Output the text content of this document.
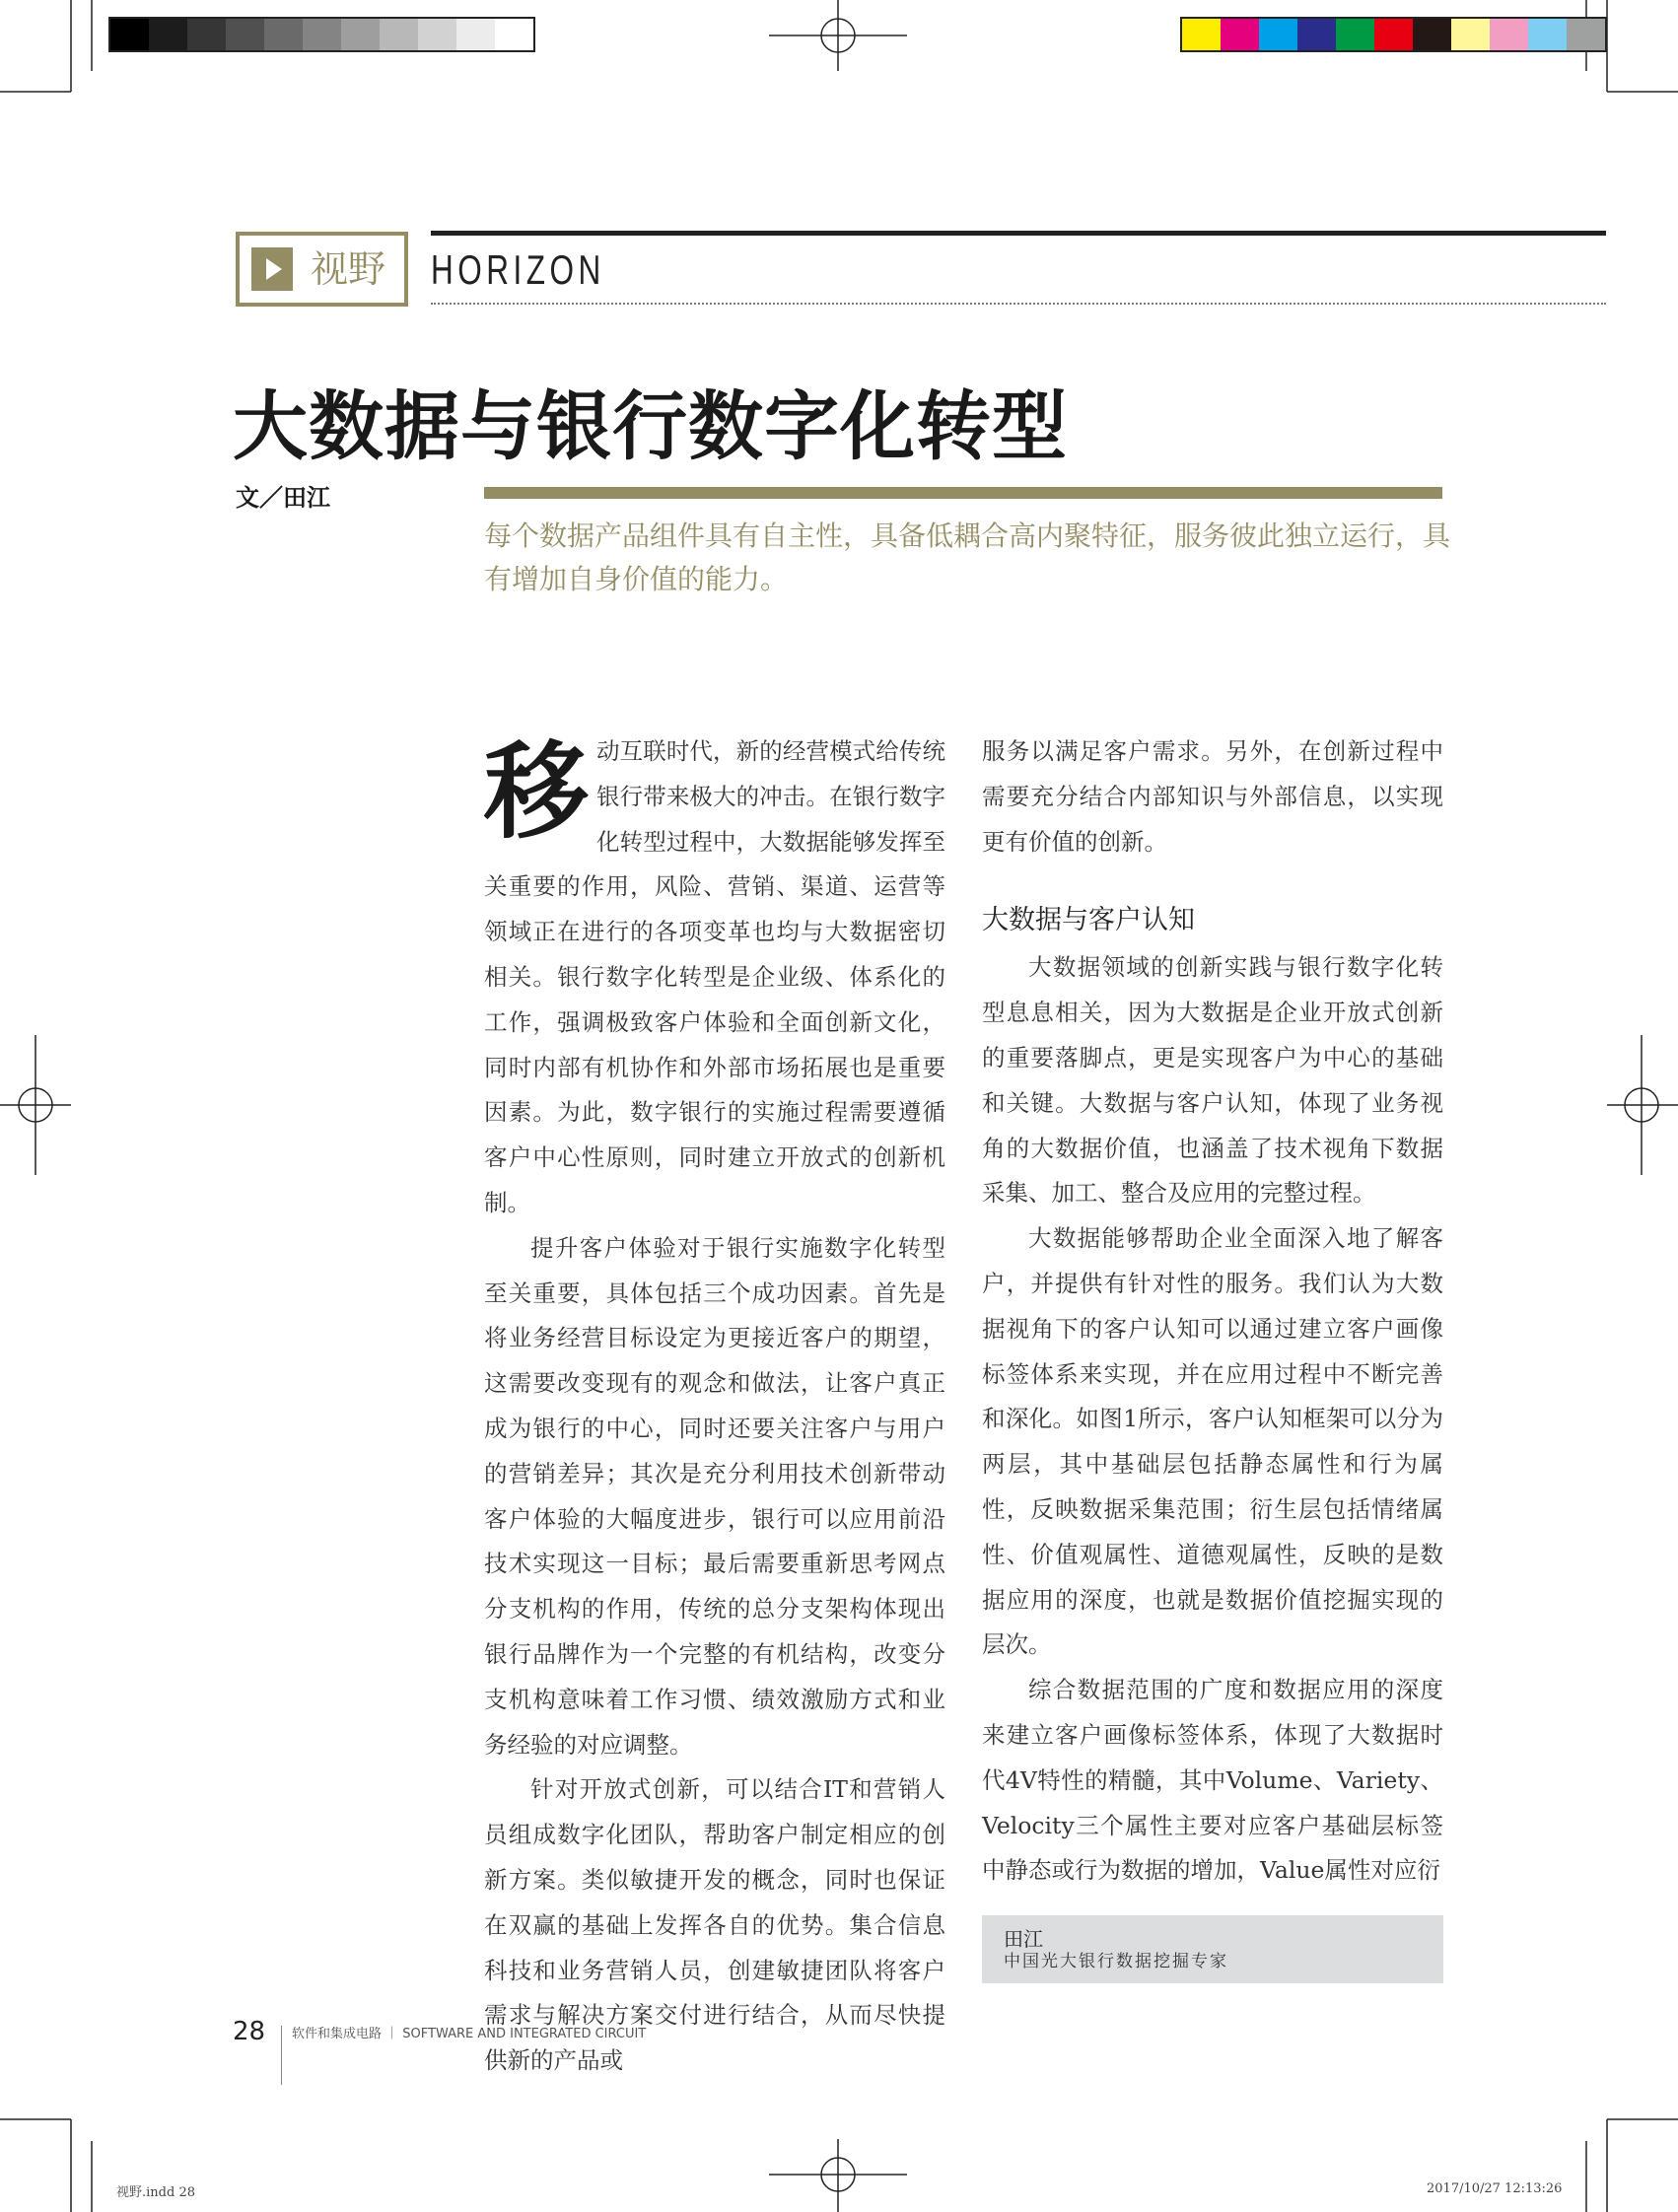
视野 HORIZON
大数据与银行数字化转型
文／田江
每个数据产品组件具有自主性，具备低耦合高内聚特征，服务彼此独立运行，具有增加自身价值的能力。

移动互联时代，新的经营模式给传统银行带来极大的冲击。在银行数字化转型过程中，大数据能够发挥至关重要的作用，风险、营销、渠道、运营等领域正在进行的各项变革也均与大数据密切相关。银行数字化转型是企业级、体系化的工作，强调极致客户体验和全面创新文化，同时内部有机协作和外部市场拓展也是重要因素。为此，数字银行的实施过程需要遵循客户中心性原则，同时建立开放式的创新机制。

提升客户体验对于银行实施数字化转型至关重要，具体包括三个成功因素。首先是将业务经营目标设定为更接近客户的期望，这需要改变现有的观念和做法，让客户真正成为银行的中心，同时还要关注客户与用户的营销差异；其次是充分利用技术创新带动客户体验的大幅度进步，银行可以应用前沿技术实现这一目标；最后需要重新思考网点分支机构的作用，传统的总分支架构体现出银行品牌作为一个完整的有机结构，改变分支机构意味着工作习惯、绩效激励方式和业务经验的对应调整。

针对开放式创新，可以结合IT和营销人员组成数字化团队，帮助客户制定相应的创新方案。类似敏捷开发的概念，同时也保证在双赢的基础上发挥各自的优势。集合信息科技和业务营销人员，创建敏捷团队将客户需求与解决方案交付进行结合，从而尽快提供新的产品或

服务以满足客户需求。另外，在创新过程中需要充分结合内部知识与外部信息，以实现更有价值的创新。

大数据与客户认知

大数据领域的创新实践与银行数字化转型息息相关，因为大数据是企业开放式创新的重要落脚点，更是实现客户为中心的基础和关键。大数据与客户认知，体现了业务视角的大数据价值，也涵盖了技术视角下数据采集、加工、整合及应用的完整过程。

大数据能够帮助企业全面深入地了解客户，并提供有针对性的服务。我们认为大数据视角下的客户认知可以通过建立客户画像标签体系来实现，并在应用过程中不断完善和深化。如图1所示，客户认知框架可以分为两层，其中基础层包括静态属性和行为属性，反映数据采集范围；衍生层包括情绪属性、价值观属性、道德观属性，反映的是数据应用的深度，也就是数据价值挖掘实现的层次。

综合数据范围的广度和数据应用的深度来建立客户画像标签体系，体现了大数据时代4V特性的精髓，其中Volume、Variety、Velocity三个属性主要对应客户基础层标签中静态或行为数据的增加，Value属性对应衍

田江
中国光大银行数据挖掘专家
28 软件和集成电路 ｜ SOFTWARE AND INTEGRATED CIRCUIT
视野.indd 28	2017/10/27 12:13:26
